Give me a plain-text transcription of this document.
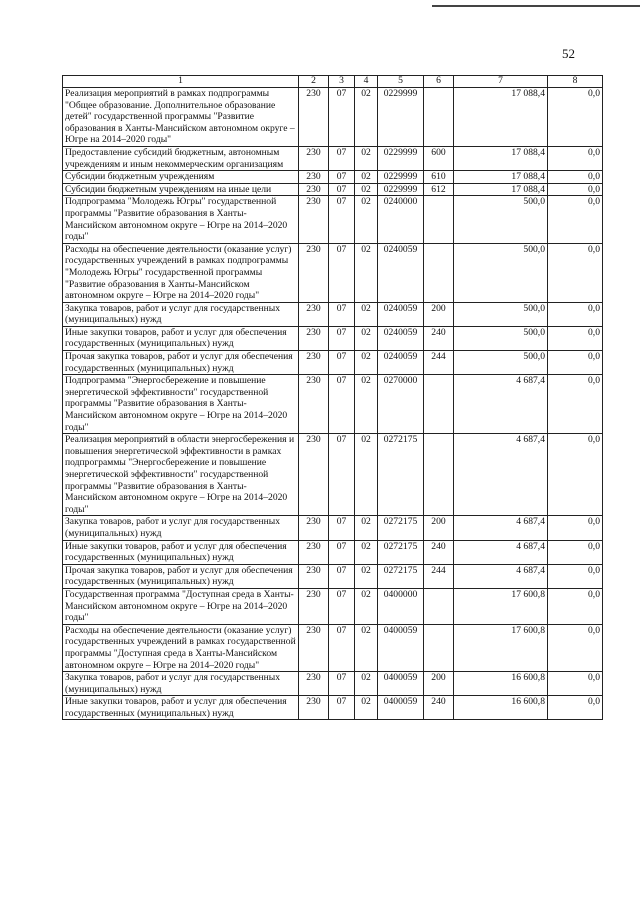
52
1	2	3	4	5	6	7	8
Реализация мероприятий в рамках подпрограммы "Общее образование. Дополнительное образование детей" государственной программы "Развитие образования в Ханты-Мансийском автономном округе – Югре на 2014–2020 годы"	230	07	02	0229999		17 088,4	0,0
Предоставление субсидий бюджетным, автономным учреждениям и иным некоммерческим организациям	230	07	02	0229999	600	17 088,4	0,0
Субсидии бюджетным учреждениям	230	07	02	0229999	610	17 088,4	0,0
Субсидии бюджетным учреждениям на иные цели	230	07	02	0229999	612	17 088,4	0,0
Подпрограмма "Молодежь Югры" государственной программы "Развитие образования в Ханты-Мансийском автономном округе – Югре на 2014–2020 годы"	230	07	02	0240000		500,0	0,0
Расходы на обеспечение деятельности (оказание услуг) государственных учреждений в рамках подпрограммы "Молодежь Югры" государственной программы "Развитие образования в Ханты-Мансийском автономном округе – Югре на 2014–2020 годы"	230	07	02	0240059		500,0	0,0
Закупка товаров, работ и услуг для государственных (муниципальных) нужд	230	07	02	0240059	200	500,0	0,0
Иные закупки товаров, работ и услуг для обеспечения государственных (муниципальных) нужд	230	07	02	0240059	240	500,0	0,0
Прочая закупка товаров, работ и услуг для обеспечения государственных (муниципальных) нужд	230	07	02	0240059	244	500,0	0,0
Подпрограмма "Энергосбережение и повышение энергетической эффективности" государственной программы "Развитие образования в Ханты-Мансийском автономном округе – Югре на 2014–2020 годы"	230	07	02	0270000		4 687,4	0,0
Реализация мероприятий в области энергосбережения и повышения энергетической эффективности в рамках подпрограммы "Энергосбережение и повышение энергетической эффективности" государственной программы "Развитие образования в Ханты-Мансийском автономном округе – Югре на 2014–2020 годы"	230	07	02	0272175		4 687,4	0,0
Закупка товаров, работ и услуг для государственных (муниципальных) нужд	230	07	02	0272175	200	4 687,4	0,0
Иные закупки товаров, работ и услуг для обеспечения государственных (муниципальных) нужд	230	07	02	0272175	240	4 687,4	0,0
Прочая закупка товаров, работ и услуг для обеспечения государственных (муниципальных) нужд	230	07	02	0272175	244	4 687,4	0,0
Государственная программа "Доступная среда в Ханты-Мансийском автономном округе – Югре на 2014–2020 годы"	230	07	02	0400000		17 600,8	0,0
Расходы на обеспечение деятельности (оказание услуг) государственных учреждений в рамках государственной программы "Доступная среда в Ханты-Мансийском автономном округе – Югре на 2014–2020 годы"	230	07	02	0400059		17 600,8	0,0
Закупка товаров, работ и услуг для государственных (муниципальных) нужд	230	07	02	0400059	200	16 600,8	0,0
Иные закупки товаров, работ и услуг для обеспечения государственных (муниципальных) нужд	230	07	02	0400059	240	16 600,8	0,0
